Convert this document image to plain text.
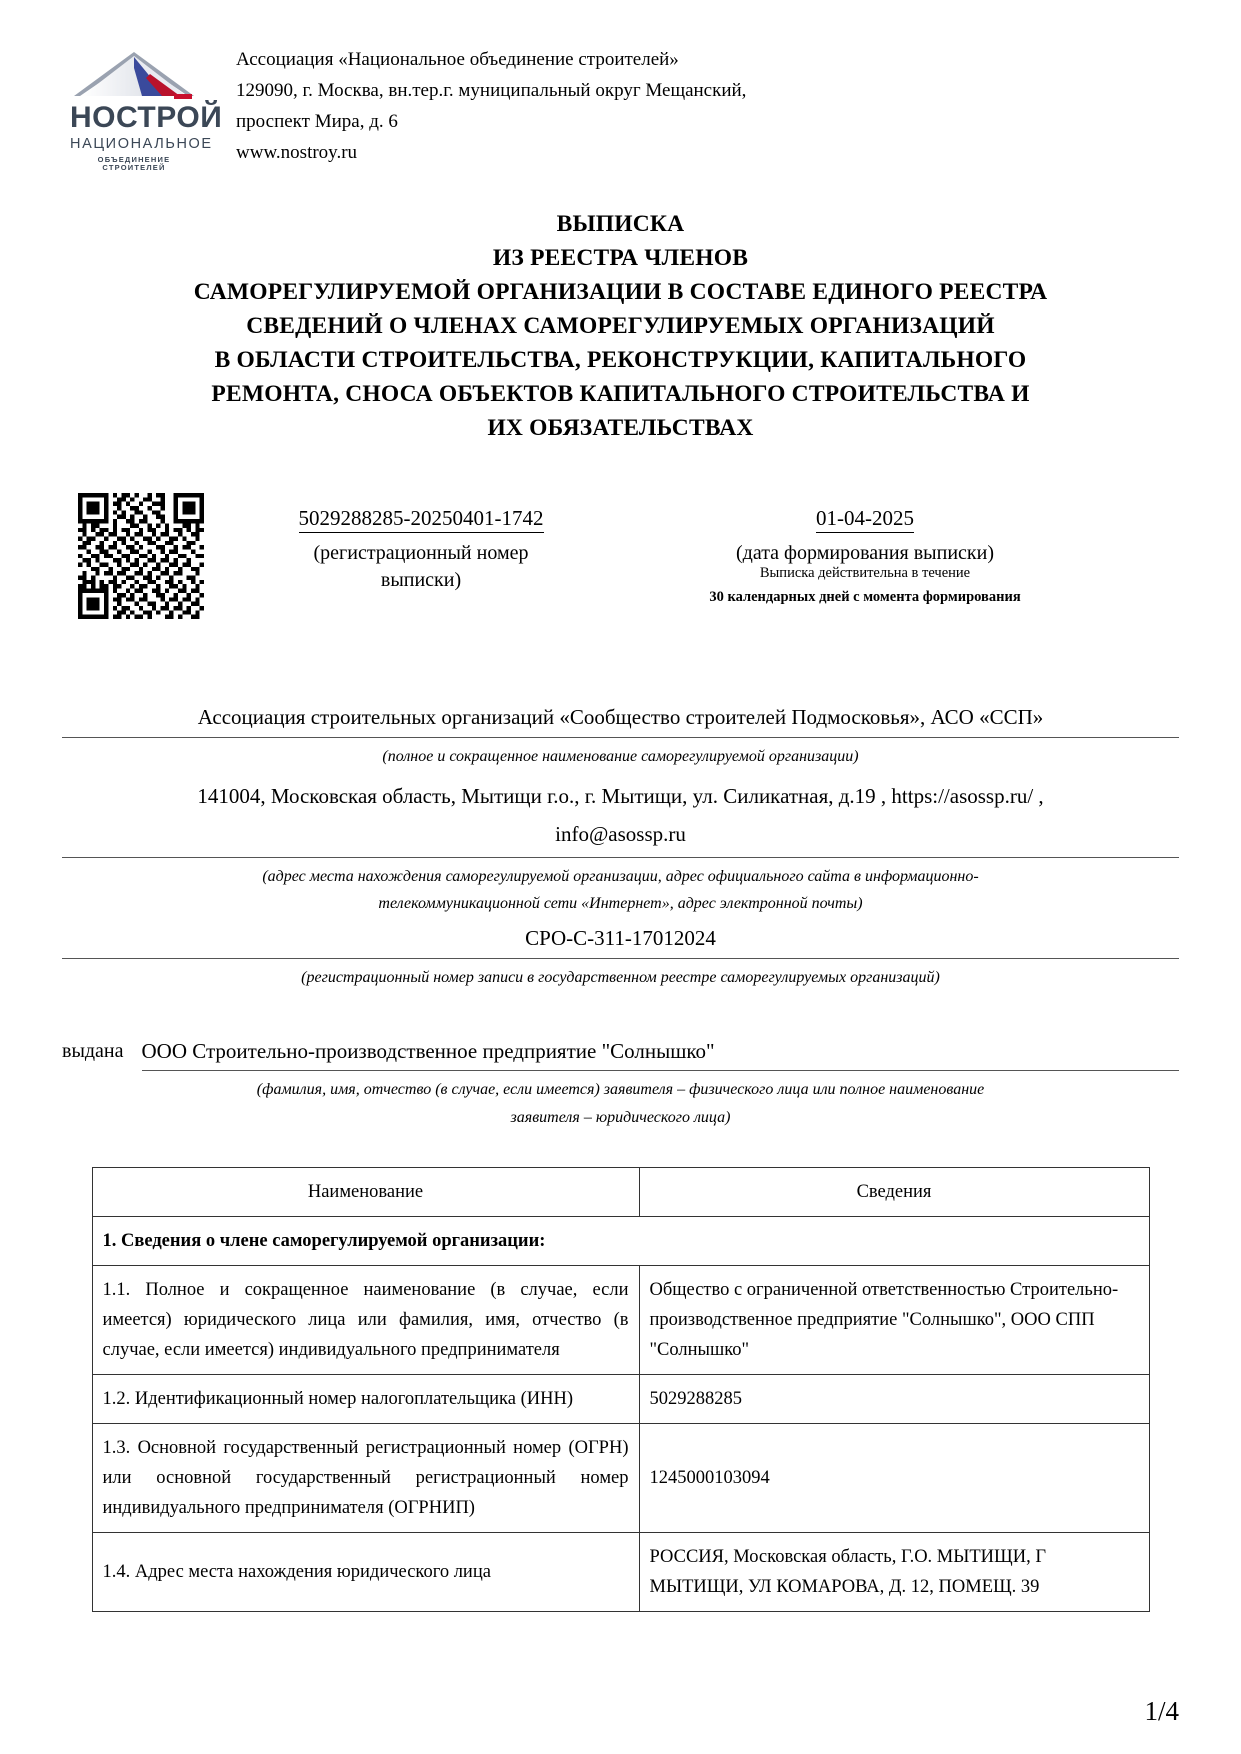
НОСТРОЙ
НАЦИОНАЛЬНОЕ
ОБЪЕДИНЕНИЕ СТРОИТЕЛЕЙ
Ассоциация «Национальное объединение строителей»
129090, г. Москва, вн.тер.г. муниципальный округ Мещанский,
проспект Мира, д. 6
www.nostroy.ru
ВЫПИСКА
ИЗ РЕЕСТРА ЧЛЕНОВ
САМОРЕГУЛИРУЕМОЙ ОРГАНИЗАЦИИ В СОСТАВЕ ЕДИНОГО РЕЕСТРА
СВЕДЕНИЙ О ЧЛЕНАХ САМОРЕГУЛИРУЕМЫХ ОРГАНИЗАЦИЙ
В ОБЛАСТИ СТРОИТЕЛЬСТВА, РЕКОНСТРУКЦИИ, КАПИТАЛЬНОГО
РЕМОНТА, СНОСА ОБЪЕКТОВ КАПИТАЛЬНОГО СТРОИТЕЛЬСТВА И
ИХ ОБЯЗАТЕЛЬСТВАХ
5029288285-20250401-1742
(регистрационный номер
выписки)
01-04-2025
(дата формирования выписки)
Выписка действительна в течение
30 календарных дней с момента формирования
Ассоциация строительных организаций «Сообщество строителей Подмосковья», АСО «ССП»
(полное и сокращенное наименование саморегулируемой организации)
141004, Московская область, Мытищи г.о., г. Мытищи, ул. Силикатная, д.19 , https://asossp.ru/ ,
info@asossp.ru
(адрес места нахождения саморегулируемой организации, адрес официального сайта в информационно-
телекоммуникационной сети «Интернет», адрес электронной почты)
СРО-С-311-17012024
(регистрационный номер записи в государственном реестре саморегулируемых организаций)
выдана ООО Строительно-производственное предприятие "Солнышко"
(фамилия, имя, отчество (в случае, если имеется) заявителя – физического лица или полное наименование
заявителя – юридического лица)
Наименование	Сведения
1. Сведения о члене саморегулируемой организации:	
1.1. Полное и сокращенное наименование (в случае, если имеется) юридического лица или фамилия, имя, отчество (в случае, если имеется) индивидуального предпринимателя	Общество с ограниченной ответственностью Строительно-производственное предприятие "Солнышко", ООО СПП "Солнышко"
1.2. Идентификационный номер налогоплательщика (ИНН)	5029288285
1.3. Основной государственный регистрационный номер (ОГРН) или основной государственный регистрационный номер индивидуального предпринимателя (ОГРНИП)	1245000103094
1.4. Адрес места нахождения юридического лица	РОССИЯ, Московская область, Г.О. МЫТИЩИ, Г МЫТИЩИ, УЛ КОМАРОВА, Д. 12, ПОМЕЩ. 39
1/4
